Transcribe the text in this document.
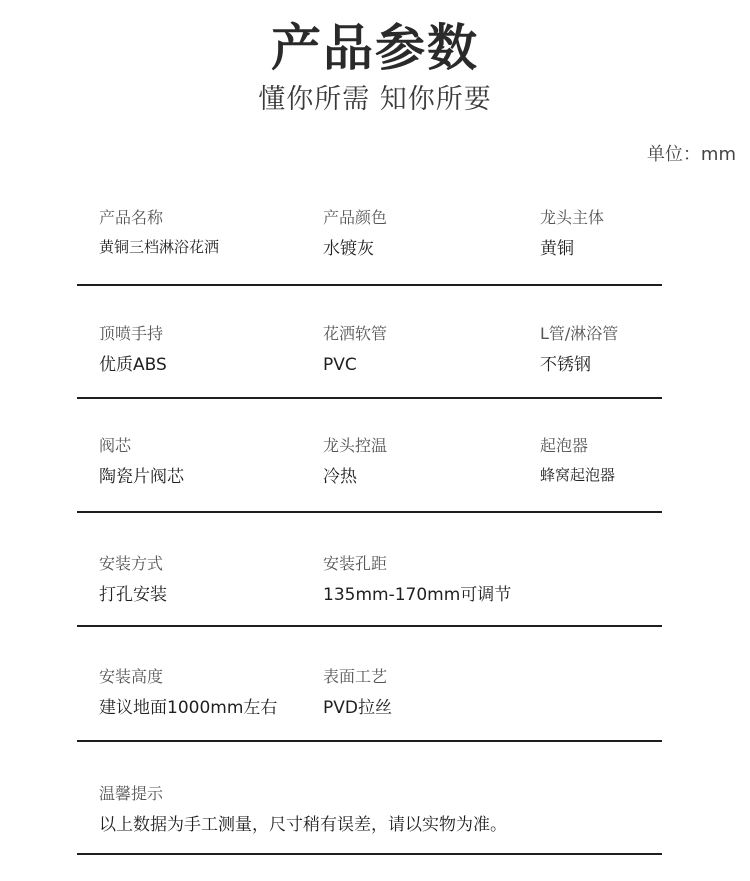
产品参数
懂你所需 知你所要
单位：mm
产品名称
黄铜三档淋浴花洒
产品颜色
水镀灰
龙头主体
黄铜
顶喷手持
优质ABS
花洒软管
PVC
L管/淋浴管
不锈钢
阀芯
陶瓷片阀芯
龙头控温
冷热
起泡器
蜂窝起泡器
安装方式
打孔安装
安装孔距
135mm-170mm可调节
安装高度
建议地面1000mm左右
表面工艺
PVD拉丝
温馨提示
以上数据为手工测量，尺寸稍有误差，请以实物为准。
